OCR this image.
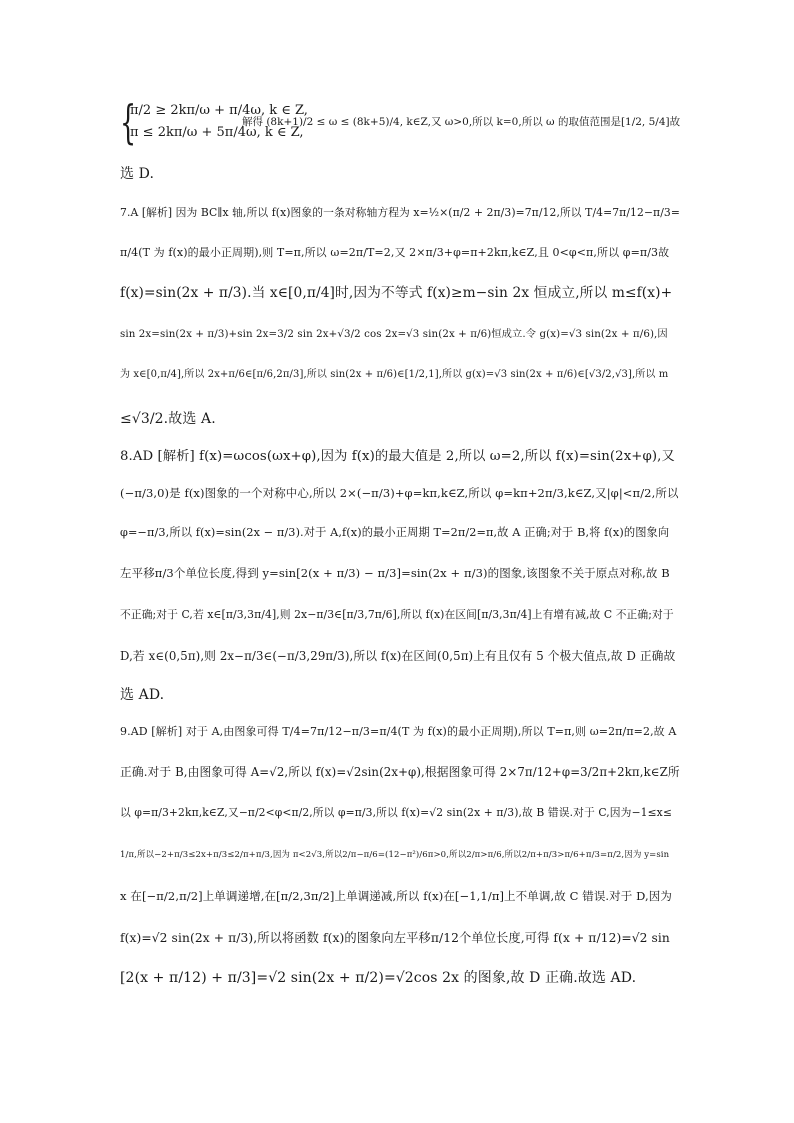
{
π/2 ≥ 2kπ/ω + π/4ω, k ∈ Z,
π ≤ 2kπ/ω + 5π/4ω, k ∈ Z,
解得 (8k+1)/2 ≤ ω ≤ (8k+5)/4, k∈Z,又 ω>0,所以 k=0,所以 ω 的取值范围是[1/2, 5/4]故
选 D.
7.A [解析] 因为 BC∥x 轴,所以 f(x)图象的一条对称轴方程为 x=½×(π/2 + 2π/3)=7π/12,所以 T/4=7π/12−π/3=
π/4(T 为 f(x)的最小正周期),则 T=π,所以 ω=2π/T=2,又 2×π/3+φ=π+2kπ,k∈Z,且 0<φ<π,所以 φ=π/3故
f(x)=sin(2x + π/3).当 x∈[0,π/4]时,因为不等式 f(x)≥m−sin 2x 恒成立,所以 m≤f(x)+
sin 2x=sin(2x + π/3)+sin 2x=3/2 sin 2x+√3/2 cos 2x=√3 sin(2x + π/6)恒成立.令 g(x)=√3 sin(2x + π/6),因
为 x∈[0,π/4],所以 2x+π/6∈[π/6,2π/3],所以 sin(2x + π/6)∈[1/2,1],所以 g(x)=√3 sin(2x + π/6)∈[√3/2,√3],所以 m
≤√3/2.故选 A.
8.AD [解析] f(x)=ωcos(ωx+φ),因为 f(x)的最大值是 2,所以 ω=2,所以 f(x)=sin(2x+φ),又
(−π/3,0)是 f(x)图象的一个对称中心,所以 2×(−π/3)+φ=kπ,k∈Z,所以 φ=kπ+2π/3,k∈Z,又|φ|<π/2,所以
φ=−π/3,所以 f(x)=sin(2x − π/3).对于 A,f(x)的最小正周期 T=2π/2=π,故 A 正确;对于 B,将 f(x)的图象向
左平移π/3个单位长度,得到 y=sin[2(x + π/3) − π/3]=sin(2x + π/3)的图象,该图象不关于原点对称,故 B
不正确;对于 C,若 x∈[π/3,3π/4],则 2x−π/3∈[π/3,7π/6],所以 f(x)在区间[π/3,3π/4]上有增有减,故 C 不正确;对于
D,若 x∈(0,5π),则 2x−π/3∈(−π/3,29π/3),所以 f(x)在区间(0,5π)上有且仅有 5 个极大值点,故 D 正确故
选 AD.
9.AD [解析] 对于 A,由图象可得 T/4=7π/12−π/3=π/4(T 为 f(x)的最小正周期),所以 T=π,则 ω=2π/π=2,故 A
正确.对于 B,由图象可得 A=√2,所以 f(x)=√2sin(2x+φ),根据图象可得 2×7π/12+φ=3/2π+2kπ,k∈Z所
以 φ=π/3+2kπ,k∈Z,又−π/2<φ<π/2,所以 φ=π/3,所以 f(x)=√2 sin(2x + π/3),故 B 错误.对于 C,因为−1≤x≤
1/π,所以−2+π/3≤2x+π/3≤2/π+π/3,因为 π<2√3,所以2/π−π/6=(12−π²)/6π>0,所以2/π>π/6,所以2/π+π/3>π/6+π/3=π/2,因为 y=sin
x 在[−π/2,π/2]上单调递增,在[π/2,3π/2]上单调递减,所以 f(x)在[−1,1/π]上不单调,故 C 错误.对于 D,因为
f(x)=√2 sin(2x + π/3),所以将函数 f(x)的图象向左平移π/12个单位长度,可得 f(x + π/12)=√2 sin
[2(x + π/12) + π/3]=√2 sin(2x + π/2)=√2cos 2x 的图象,故 D 正确.故选 AD.
